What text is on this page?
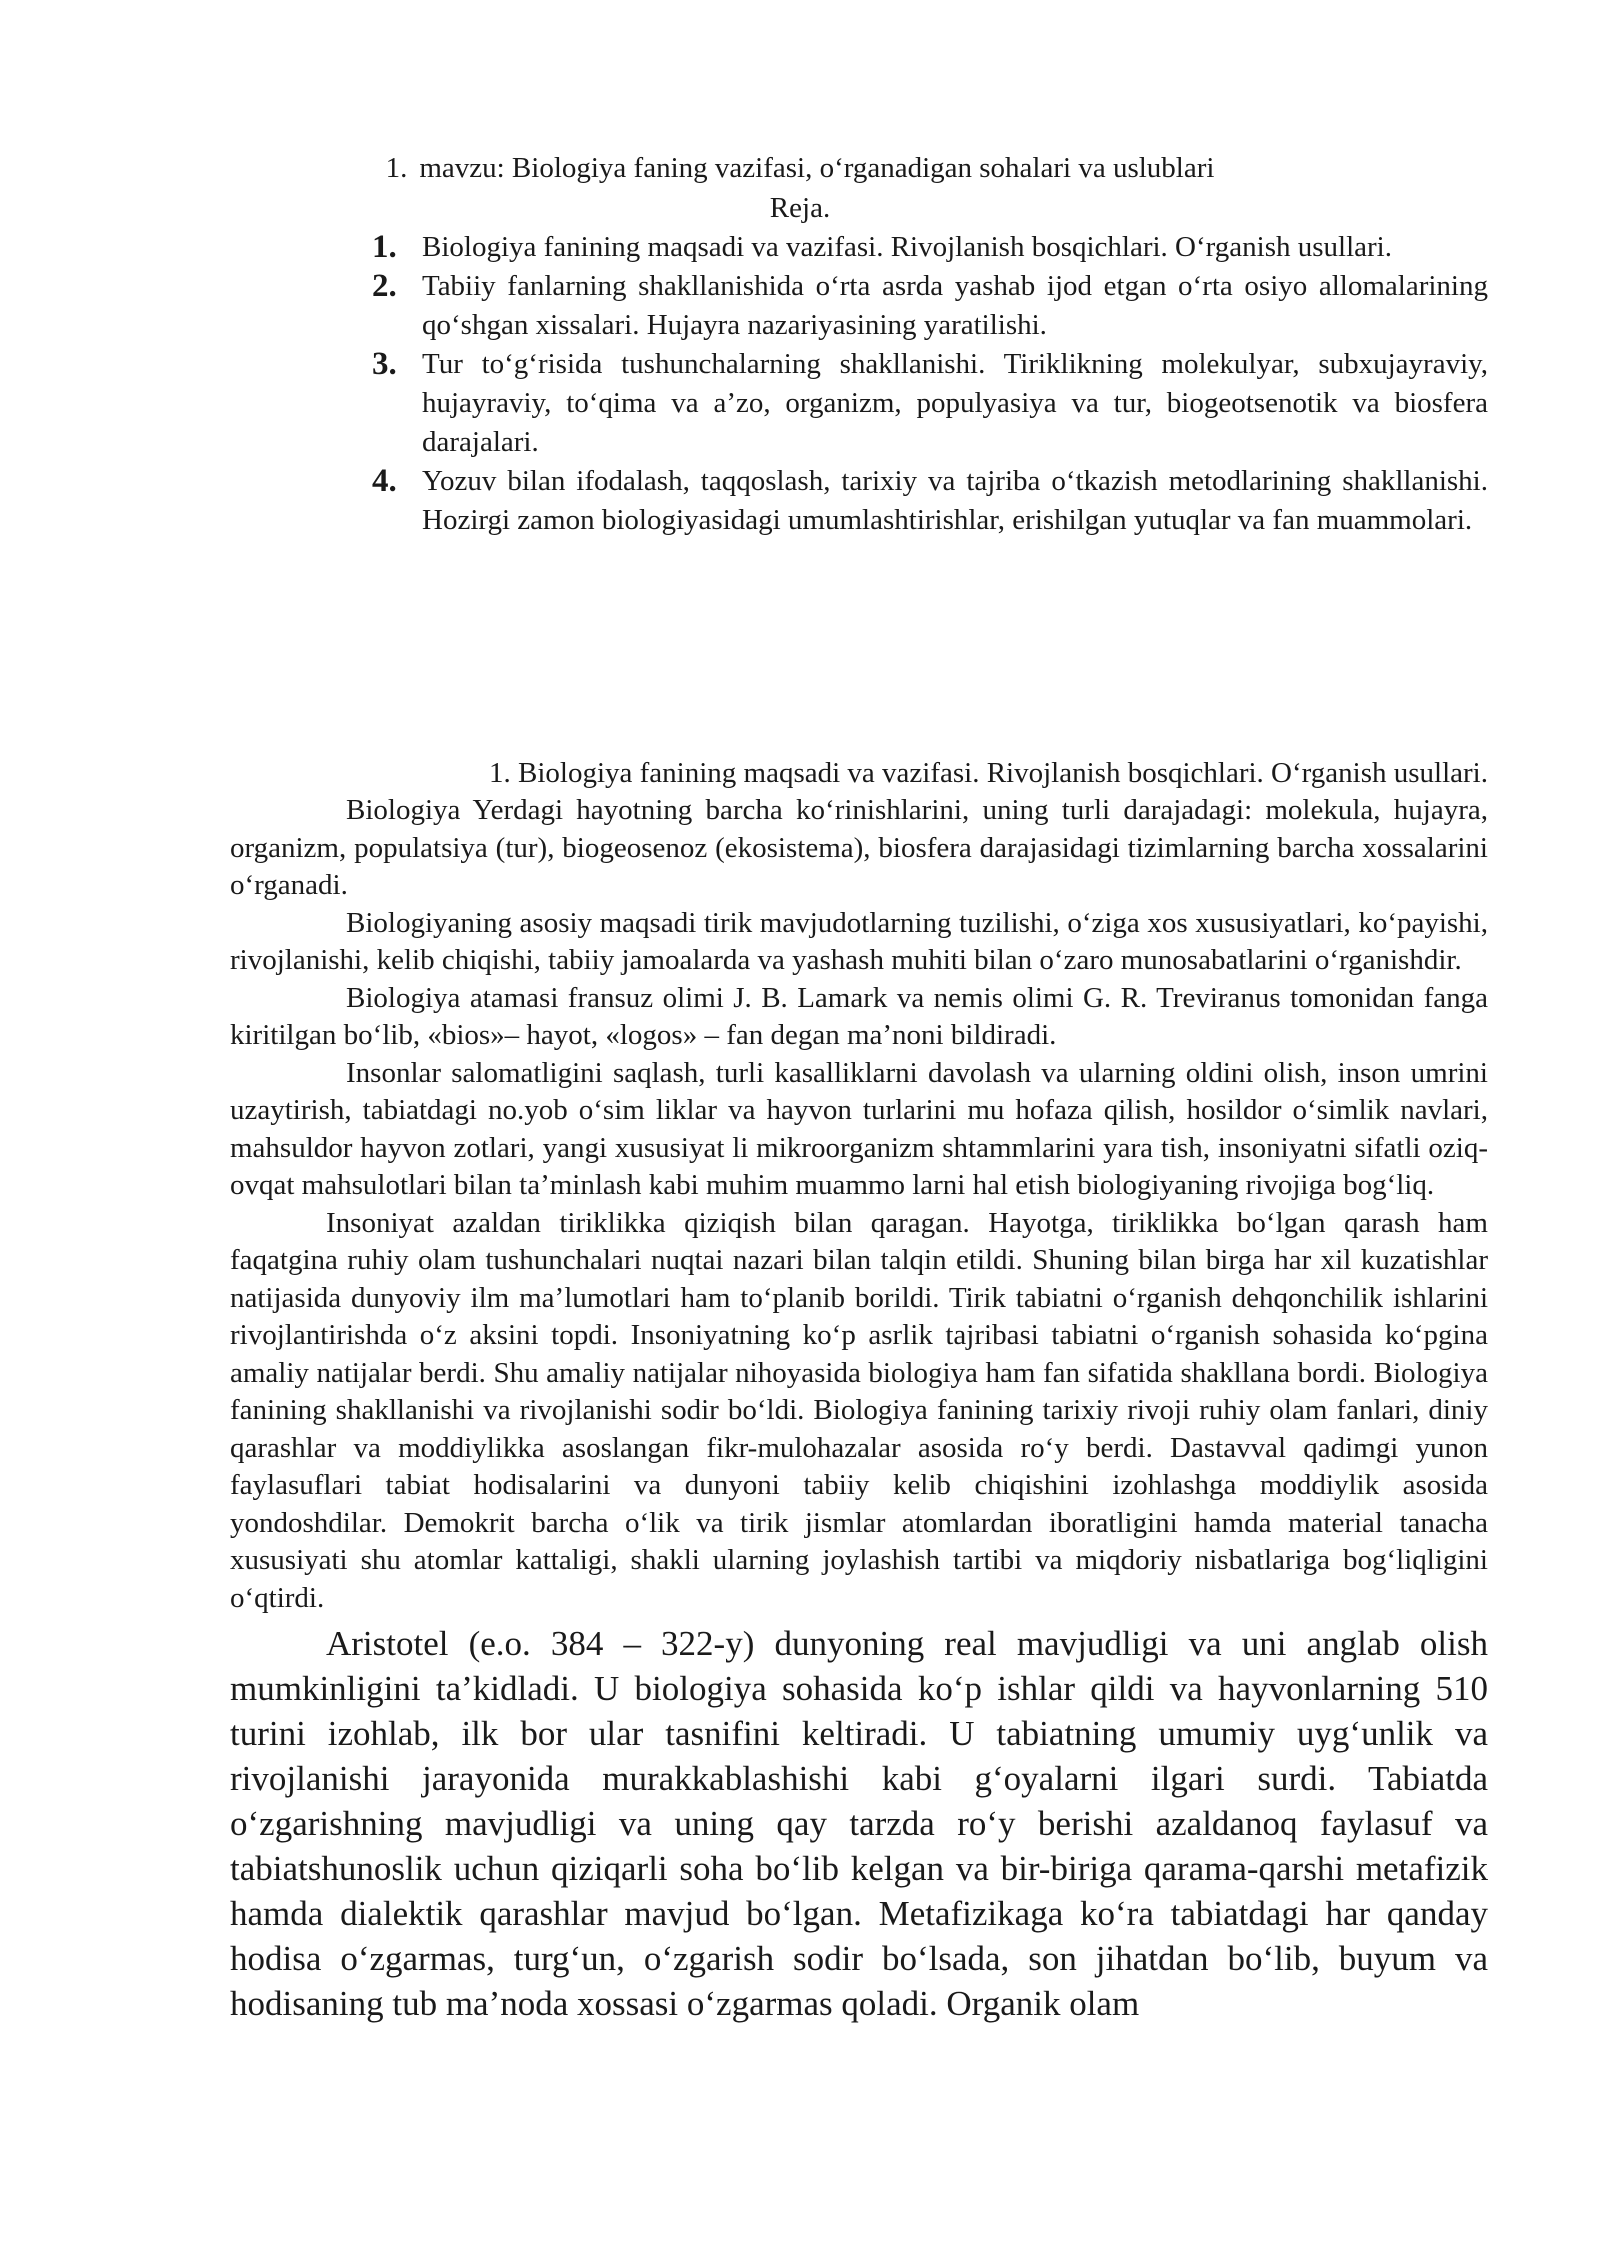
1. mavzu: Biologiya faning vazifasi, o‘rganadigan sohalari va uslublari
Reja.
1. Biologiya fanining maqsadi va vazifasi. Rivojlanish bosqichlari. O‘rganish usullari.
2. Tabiiy fanlarning shakllanishida o‘rta asrda yashab ijod etgan o‘rta osiyo allomalarining qo‘shgan xissalari. Hujayra nazariyasining yaratilishi.
3. Tur to‘g‘risida tushunchalarning shakllanishi. Tiriklikning molekulyar, subxujayraviy, hujayraviy, to‘qima va a’zo, organizm, populyasiya va tur, biogeotsenotik va biosfera darajalari.
4. Yozuv bilan ifodalash, taqqoslash, tarixiy va tajriba o‘tkazish metodlarining shakllanishi. Hozirgi zamon biologiyasidagi umumlashtirishlar, erishilgan yutuqlar va fan muammolari.
1. Biologiya fanining maqsadi va vazifasi. Rivojlanish bosqichlari. O‘rganish usullari.

Biologiya Yerdagi hayotning barcha ko‘rinishlarini, uning turli darajadagi: molekula, hujayra, organizm, populatsiya (tur), biogeosenoz (ekosistema), biosfera darajasidagi tizimlarning barcha xossalarini o‘rganadi.

Biologiyaning asosiy maqsadi tirik mavjudotlarning tuzilishi, o‘ziga xos xususiyatlari, ko‘payishi, rivojlanishi, kelib chiqishi, tabiiy jamoalarda va yashash muhiti bilan o‘zaro munosabatlarini o‘rganishdir.

Biologiya atamasi fransuz olimi J. B. Lamark va nemis olimi G. R. Treviranus tomonidan fanga kiritilgan bo‘lib, «bios»– hayot, «logos» – fan degan ma’noni bildiradi.

Insonlar salomatligini saqlash, turli kasalliklarni davolash va ularning oldini olish, inson umrini uzaytirish, tabiatdagi no.yob o‘sim liklar va hayvon turlarini mu hofaza qilish, hosildor o‘simlik navlari, mahsuldor hayvon zotlari, yangi xususiyat li mikroorganizm shtammlarini yara tish, insoniyatni sifatli oziq-ovqat mahsulotlari bilan ta’minlash kabi muhim muammo larni hal etish biologiyaning rivojiga bog‘liq.

Insoniyat azaldan tiriklikka qiziqish bilan qaragan. Hayotga, tiriklikka bo‘lgan qarash ham faqatgina ruhiy olam tushunchalari nuqtai nazari bilan talqin etildi. Shuning bilan birga har xil kuzatishlar natijasida dunyoviy ilm ma’lumotlari ham to‘planib borildi. Tirik tabiatni o‘rganish dehqonchilik ishlarini rivojlantirishda o‘z aksini topdi. Insoniyatning ko‘p asrlik tajribasi tabiatni o‘rganish sohasida ko‘pgina amaliy natijalar berdi. Shu amaliy natijalar nihoyasida biologiya ham fan sifatida shakllana bordi. Biologiya fanining shakllanishi va rivojlanishi sodir bo‘ldi. Biologiya fanining tarixiy rivoji ruhiy olam fanlari, diniy qarashlar va moddiylikka asoslangan fikr-mulohazalar asosida ro‘y berdi. Dastavval qadimgi yunon faylasuflari tabiat hodisalarini va dunyoni tabiiy kelib chiqishini izohlashga moddiylik asosida yondoshdilar. Demokrit barcha o‘lik va tirik jismlar atomlardan iboratligini hamda material tanacha xususiyati shu atomlar kattaligi, shakli ularning joylashish tartibi va miqdoriy nisbatlariga bog‘liqligini o‘qtirdi.

Aristotel (e.o. 384 – 322-y) dunyoning real mavjudligi va uni anglab olish mumkinligini ta’kidladi. U biologiya sohasida ko‘p ishlar qildi va hayvonlarning 510 turini izohlab, ilk bor ular tasnifini keltiradi. U tabiatning umumiy uyg‘unlik va rivojlanishi jarayonida murakkablashishi kabi g‘oyalarni ilgari surdi. Tabiatda o‘zgarishning mavjudligi va uning qay tarzda ro‘y berishi azaldanoq faylasuf va tabiatshunoslik uchun qiziqarli soha bo‘lib kelgan va bir-biriga qarama-qarshi metafizik hamda dialektik qarashlar mavjud bo‘lgan. Metafizikaga ko‘ra tabiatdagi har qanday hodisa o‘zgarmas, turg‘un, o‘zgarish sodir bo‘lsada, son jihatdan bo‘lib, buyum va hodisaning tub ma’noda xossasi o‘zgarmas qoladi. Organik olam
